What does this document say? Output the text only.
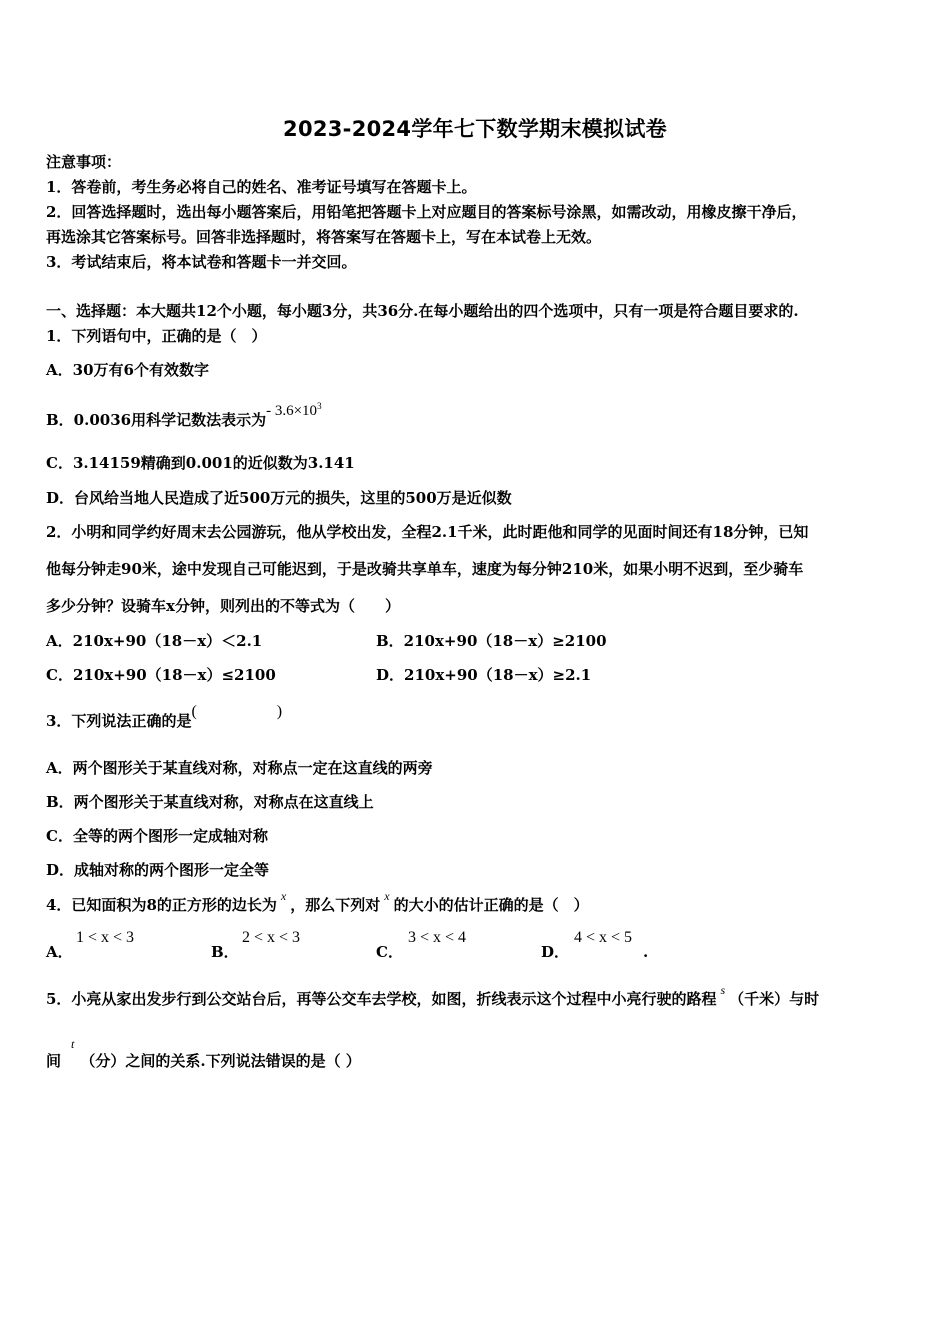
2023-2024学年七下数学期末模拟试卷
注意事项：
1．答卷前，考生务必将自己的姓名、准考证号填写在答题卡上。
2．回答选择题时，选出每小题答案后，用铅笔把答题卡上对应题目的答案标号涂黑，如需改动，用橡皮擦干净后，
再选涂其它答案标号。回答非选择题时，将答案写在答题卡上，写在本试卷上无效。
3．考试结束后，将本试卷和答题卡一并交回。
一、选择题：本大题共12个小题，每小题3分，共36分.在每小题给出的四个选项中，只有一项是符合题目要求的.
1．下列语句中，正确的是（　）
A．30万有6个有效数字
B．0.0036用科学记数法表示为- $3.6\times 10^3$
C．3.14159精确到0.001的近似数为3.141
D．台风给当地人民造成了近500万元的损失，这里的500万是近似数
2．小明和同学约好周末去公园游玩，他从学校出发，全程2.1千米，此时距他和同学的见面时间还有18分钟，已知
他每分钟走90米，途中发现自己可能迟到，于是改骑共享单车，速度为每分钟210米，如果小明不迟到，至少骑车
多少分钟？设骑车x分钟，则列出的不等式为（　　）
A．210x+90（18－x）＜2.1	B．210x+90（18－x）≥2100
C．210x+90（18－x）≤2100	D．210x+90（18－x）≥2.1
3．下列说法正确的是( )
A．两个图形关于某直线对称，对称点一定在这直线的两旁
B．两个图形关于某直线对称，对称点在这直线上
C．全等的两个图形一定成轴对称
D．成轴对称的两个图形一定全等
4．已知面积为8的正方形的边长为 $^x$ ，那么下列对 $^x$ 的大小的估计正确的是（　）
A．
1 < x < 3
B．
2 < x < 3
C．
3 < x < 4
D．
4 < x < 5
.
5．小亮从家出发步行到公交站台后，再等公交车去学校，如图，折线表示这个过程中小亮行驶的路程 $^s$ （千米）与时
间$^t$（分）之间的关系.下列说法错误的是（ ）
